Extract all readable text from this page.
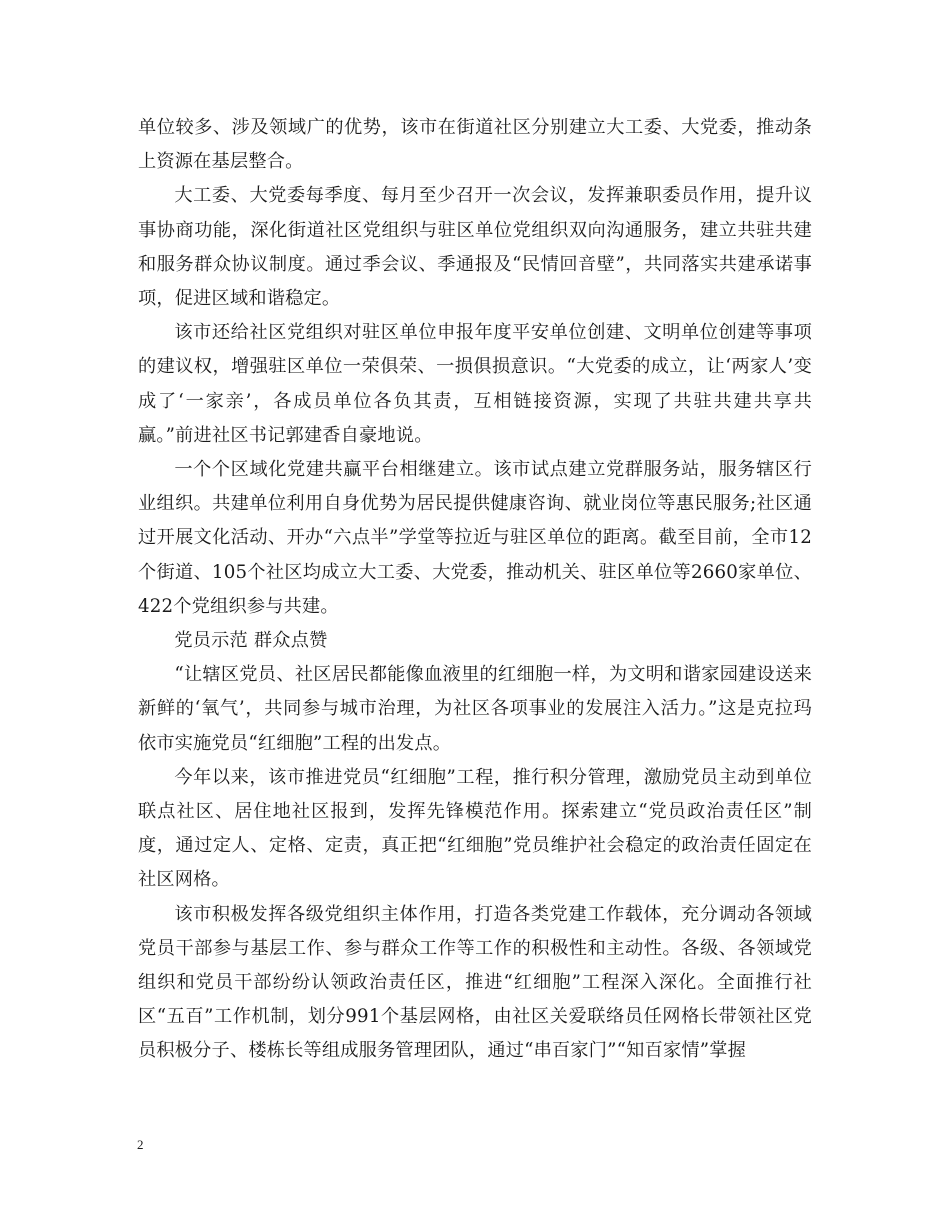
单位较多、涉及领域广的优势，该市在街道社区分别建立大工委、大党委，推动条上资源在基层整合。

大工委、大党委每季度、每月至少召开一次会议，发挥兼职委员作用，提升议事协商功能，深化街道社区党组织与驻区单位党组织双向沟通服务，建立共驻共建和服务群众协议制度。通过季会议、季通报及“民情回音壁”，共同落实共建承诺事项，促进区域和谐稳定。

该市还给社区党组织对驻区单位申报年度平安单位创建、文明单位创建等事项的建议权，增强驻区单位一荣俱荣、一损俱损意识。“大党委的成立，让‘两家人’变成了‘一家亲’，各成员单位各负其责，互相链接资源，实现了共驻共建共享共赢。”前进社区书记郭建香自豪地说。

一个个区域化党建共赢平台相继建立。该市试点建立党群服务站，服务辖区行业组织。共建单位利用自身优势为居民提供健康咨询、就业岗位等惠民服务;社区通过开展文化活动、开办“六点半”学堂等拉近与驻区单位的距离。截至目前，全市12个街道、105个社区均成立大工委、大党委，推动机关、驻区单位等2660家单位、422个党组织参与共建。

党员示范 群众点赞

“让辖区党员、社区居民都能像血液里的红细胞一样，为文明和谐家园建设送来新鲜的‘氧气’，共同参与城市治理，为社区各项事业的发展注入活力。”这是克拉玛依市实施党员“红细胞”工程的出发点。

今年以来，该市推进党员“红细胞”工程，推行积分管理，激励党员主动到单位联点社区、居住地社区报到，发挥先锋模范作用。探索建立“党员政治责任区”制度，通过定人、定格、定责，真正把“红细胞”党员维护社会稳定的政治责任固定在社区网格。

该市积极发挥各级党组织主体作用，打造各类党建工作载体，充分调动各领域党员干部参与基层工作、参与群众工作等工作的积极性和主动性。各级、各领域党组织和党员干部纷纷认领政治责任区，推进“红细胞”工程深入深化。全面推行社区“五百”工作机制，划分991个基层网格，由社区关爱联络员任网格长带领社区党员积极分子、楼栋长等组成服务管理团队，通过“串百家门”“知百家情”掌握

2
